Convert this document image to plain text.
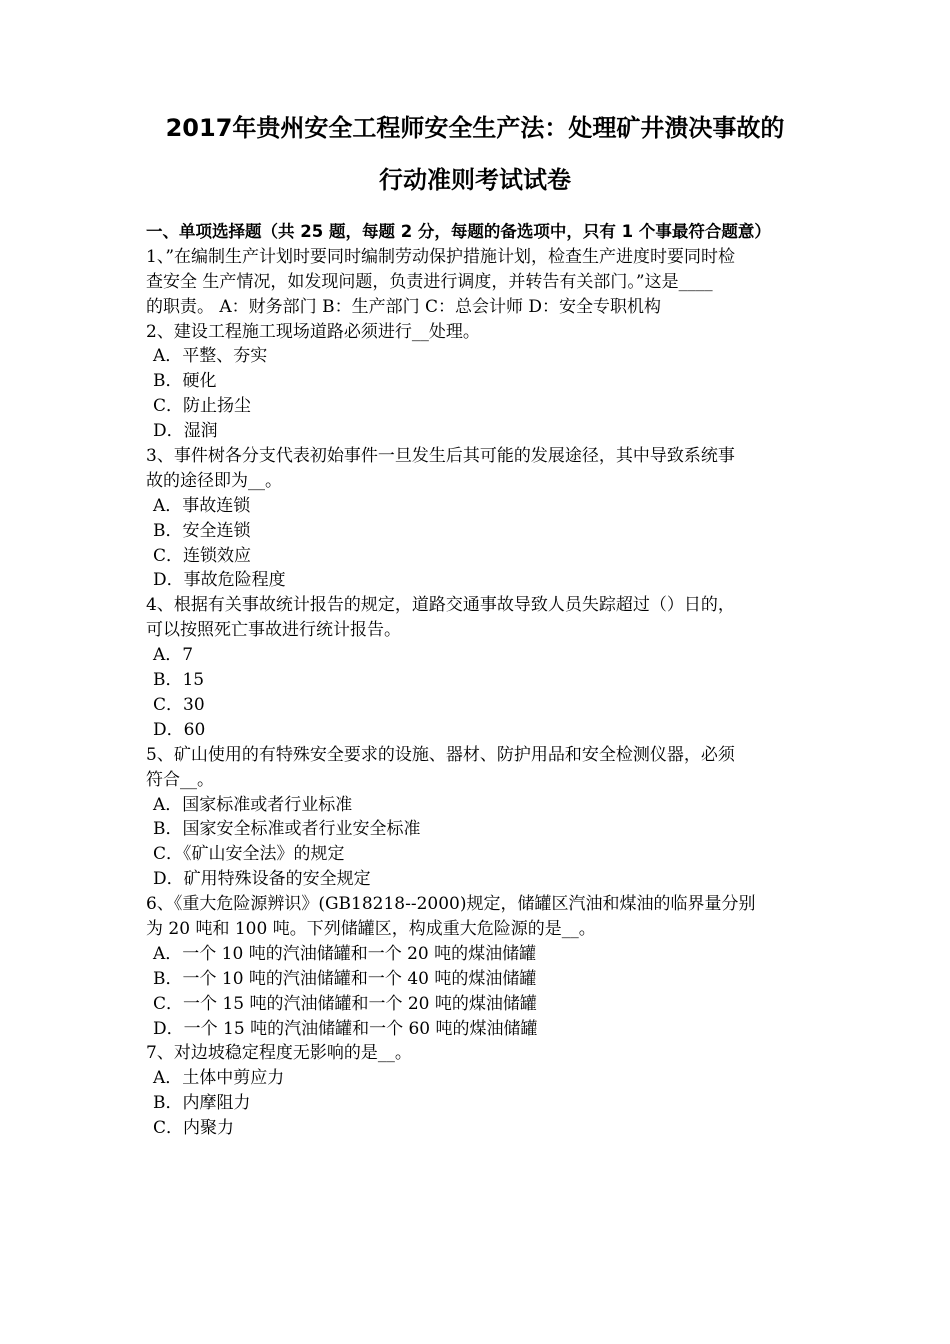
2017年贵州安全工程师安全生产法：处理矿井溃决事故的
行动准则考试试卷
一、单项选择题（共 25 题，每题 2 分，每题的备选项中，只有 1 个事最符合题意）
1、”在编制生产计划时要同时编制劳动保护措施计划，检查生产进度时要同时检
查安全 生产情况，如发现问题，负责进行调度，并转告有关部门。”这是____
的职责。 A：财务部门 B：生产部门 C：总会计师 D：安全专职机构
2、建设工程施工现场道路必须进行__处理。
A．平整、夯实
B．硬化
C．防止扬尘
D．湿润
3、事件树各分支代表初始事件一旦发生后其可能的发展途径，其中导致系统事
故的途径即为__。
A．事故连锁
B．安全连锁
C．连锁效应
D．事故危险程度
4、根据有关事故统计报告的规定，道路交通事故导致人员失踪超过（）日的，
可以按照死亡事故进行统计报告。
A．7
B．15
C．30
D．60
5、矿山使用的有特殊安全要求的设施、器材、防护用品和安全检测仪器，必须
符合__。
A．国家标准或者行业标准
B．国家安全标准或者行业安全标准
C．《矿山安全法》的规定
D．矿用特殊设备的安全规定
6、《重大危险源辨识》(GB18218--2000)规定，储罐区汽油和煤油的临界量分别
为 20 吨和 100 吨。下列储罐区，构成重大危险源的是__。
A．一个 10 吨的汽油储罐和一个 20 吨的煤油储罐
B．一个 10 吨的汽油储罐和一个 40 吨的煤油储罐
C．一个 15 吨的汽油储罐和一个 20 吨的煤油储罐
D．一个 15 吨的汽油储罐和一个 60 吨的煤油储罐
7、对边坡稳定程度无影响的是__。
A．土体中剪应力
B．内摩阻力
C．内聚力
